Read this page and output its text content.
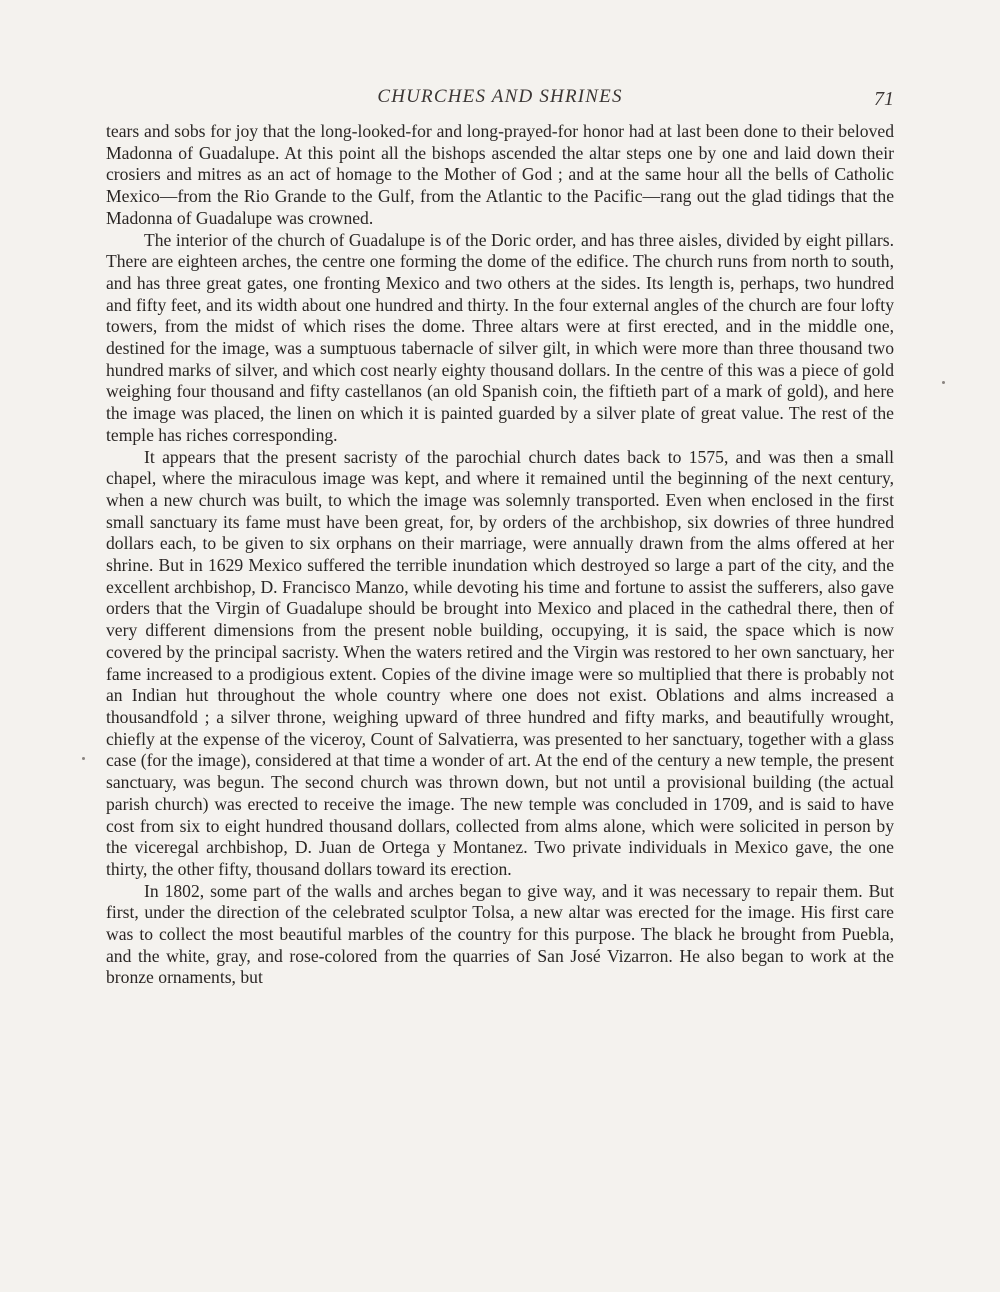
CHURCHES AND SHRINES	71

tears and sobs for joy that the long-looked-for and long-prayed-for honor had at last been done to their beloved Madonna of Guadalupe. At this point all the bishops ascended the altar steps one by one and laid down their crosiers and mitres as an act of homage to the Mother of God ; and at the same hour all the bells of Catholic Mexico—from the Rio Grande to the Gulf, from the Atlantic to the Pacific—rang out the glad tidings that the Madonna of Guadalupe was crowned.

The interior of the church of Guadalupe is of the Doric order, and has three aisles, divided by eight pillars. There are eighteen arches, the centre one forming the dome of the edifice. The church runs from north to south, and has three great gates, one fronting Mexico and two others at the sides. Its length is, perhaps, two hundred and fifty feet, and its width about one hundred and thirty. In the four external angles of the church are four lofty towers, from the midst of which rises the dome. Three altars were at first erected, and in the middle one, destined for the image, was a sumptuous tabernacle of silver gilt, in which were more than three thousand two hundred marks of silver, and which cost nearly eighty thousand dollars. In the centre of this was a piece of gold weighing four thousand and fifty castellanos (an old Spanish coin, the fiftieth part of a mark of gold), and here the image was placed, the linen on which it is painted guarded by a silver plate of great value. The rest of the temple has riches corresponding.

It appears that the present sacristy of the parochial church dates back to 1575, and was then a small chapel, where the miraculous image was kept, and where it remained until the beginning of the next century, when a new church was built, to which the image was solemnly transported. Even when enclosed in the first small sanctuary its fame must have been great, for, by orders of the archbishop, six dowries of three hundred dollars each, to be given to six orphans on their marriage, were annually drawn from the alms offered at her shrine. But in 1629 Mexico suffered the terrible inundation which destroyed so large a part of the city, and the excellent archbishop, D. Francisco Manzo, while devoting his time and fortune to assist the sufferers, also gave orders that the Virgin of Guadalupe should be brought into Mexico and placed in the cathedral there, then of very different dimensions from the present noble building, occupying, it is said, the space which is now covered by the principal sacristy. When the waters retired and the Virgin was restored to her own sanctuary, her fame increased to a prodigious extent. Copies of the divine image were so multiplied that there is probably not an Indian hut throughout the whole country where one does not exist. Oblations and alms increased a thousandfold ; a silver throne, weighing upward of three hundred and fifty marks, and beautifully wrought, chiefly at the expense of the viceroy, Count of Salvatierra, was presented to her sanctuary, together with a glass case (for the image), considered at that time a wonder of art. At the end of the century a new temple, the present sanctuary, was begun. The second church was thrown down, but not until a provisional building (the actual parish church) was erected to receive the image. The new temple was concluded in 1709, and is said to have cost from six to eight hundred thousand dollars, collected from alms alone, which were solicited in person by the viceregal archbishop, D. Juan de Ortega y Montanez. Two private individuals in Mexico gave, the one thirty, the other fifty, thousand dollars toward its erection.

In 1802, some part of the walls and arches began to give way, and it was necessary to repair them. But first, under the direction of the celebrated sculptor Tolsa, a new altar was erected for the image. His first care was to collect the most beautiful marbles of the country for this purpose. The black he brought from Puebla, and the white, gray, and rose-colored from the quarries of San José Vizarron. He also began to work at the bronze ornaments, but
